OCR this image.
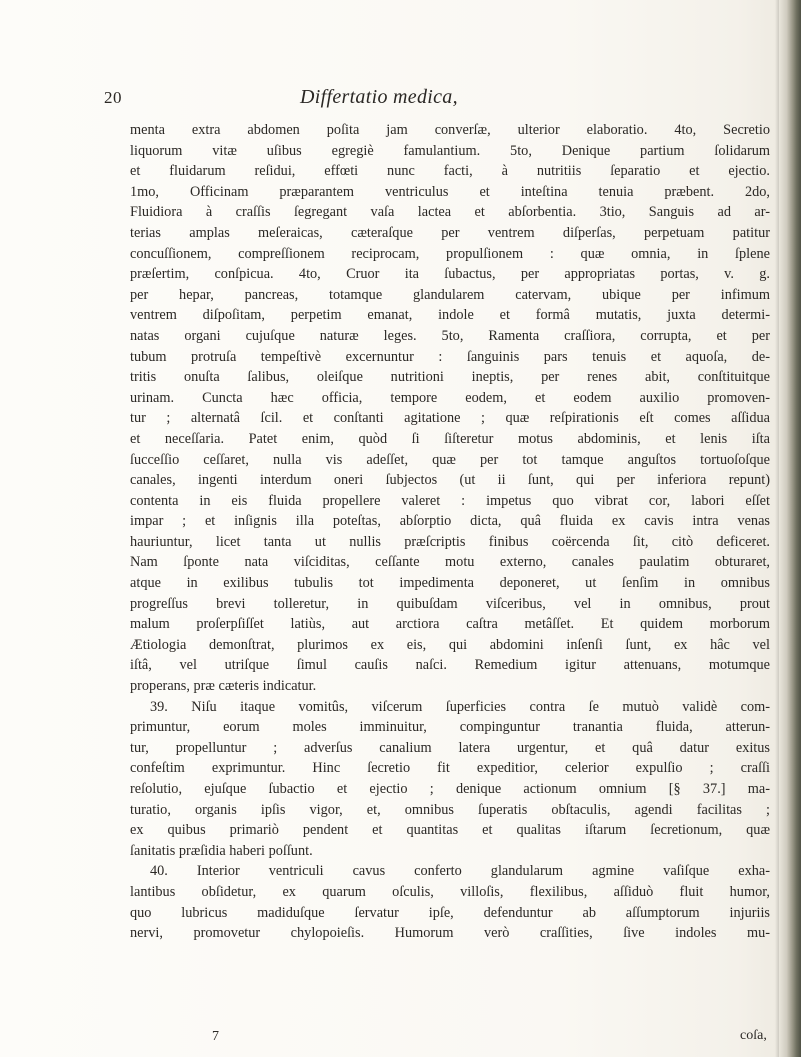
20	Differtatio medica,
menta extra abdomen poſita jam converſæ, ulterior elaboratio. 4to, Secretio
liquorum vitæ uſibus egregiè famulantium. 5to, Denique partium ſolidarum
et fluidarum reſidui, effœti nunc facti, à nutritiis ſeparatio et ejectio.
1mo, Officinam præparantem ventriculus et inteſtina tenuia præbent. 2do,
Fluidiora à craſſis ſegregant vaſa lactea et abſorbentia. 3tio, Sanguis ad ar-
terias amplas meſeraicas, cæteraſque per ventrem diſperſas, perpetuam patitur
concuſſionem, compreſſionem reciprocam, propulſionem : quæ omnia, in ſplene
præſertim, conſpicua. 4to, Cruor ita ſubactus, per appropriatas portas, v. g.
per hepar, pancreas, totamque glandularem catervam, ubique per infimum
ventrem diſpoſitam, perpetim emanat, indole et formâ mutatis, juxta determi-
natas organi cujuſque naturæ leges. 5to, Ramenta craſſiora, corrupta, et per
tubum protruſa tempeſtivè excernuntur : ſanguinis pars tenuis et aquoſa, de-
tritis onuſta ſalibus, oleiſque nutritioni ineptis, per renes abit, conſtituitque
urinam. Cuncta hæc officia, tempore eodem, et eodem auxilio promoven-
tur ; alternatâ ſcil. et conſtanti agitatione ; quæ reſpirationis eſt comes aſſidua
et neceſſaria. Patet enim, quòd ſi ſiſteretur motus abdominis, et lenis iſta
ſucceſſio ceſſaret, nulla vis adeſſet, quæ per tot tamque anguſtos tortuoſoſque
canales, ingenti interdum oneri ſubjectos (ut ii ſunt, qui per inferiora repunt)
contenta in eis fluida propellere valeret : impetus quo vibrat cor, labori eſſet
impar ; et inſignis illa poteſtas, abſorptio dicta, quâ fluida ex cavis intra venas
hauriuntur, licet tanta ut nullis præſcriptis finibus coërcenda ſit, citò deficeret.
Nam ſponte nata viſciditas, ceſſante motu externo, canales paulatim obturaret,
atque in exilibus tubulis tot impedimenta deponeret, ut ſenſim in omnibus
progreſſus brevi tolleretur, in quibuſdam viſceribus, vel in omnibus, prout
malum proſerpſiſſet latiùs, aut arctiora caſtra metâſſet. Et quidem morborum
Ætiologia demonſtrat, plurimos ex eis, qui abdomini inſenſi ſunt, ex hâc vel
iſtâ, vel utriſque ſimul cauſis naſci. Remedium igitur attenuans, motumque
properans, præ cæteris indicatur.
39. Niſu itaque vomitûs, viſcerum ſuperficies contra ſe mutuò validè com-
primuntur, eorum moles imminuitur, compinguntur tranantia fluida, atterun-
tur, propelluntur ; adverſus canalium latera urgentur, et quâ datur exitus
confeſtim exprimuntur. Hinc ſecretio fit expeditior, celerior expulſio ; craſſi
reſolutio, ejuſque ſubactio et ejectio ; denique actionum omnium [§ 37.] ma-
turatio, organis ipſis vigor, et, omnibus ſuperatis obſtaculis, agendi facilitas ;
ex quibus primariò pendent et quantitas et qualitas iſtarum ſecretionum, quæ
ſanitatis præſidia haberi poſſunt.
40. Interior ventriculi cavus conferto glandularum agmine vaſiſque exha-
lantibus obſidetur, ex quarum oſculis, villoſis, flexilibus, aſſiduò fluit humor,
quo lubricus madiduſque ſervatur ipſe, defenduntur ab aſſumptorum injuriis
nervi, promovetur chylopoieſis. Humorum verò craſſities, ſive indoles mu-
7	coſa,
